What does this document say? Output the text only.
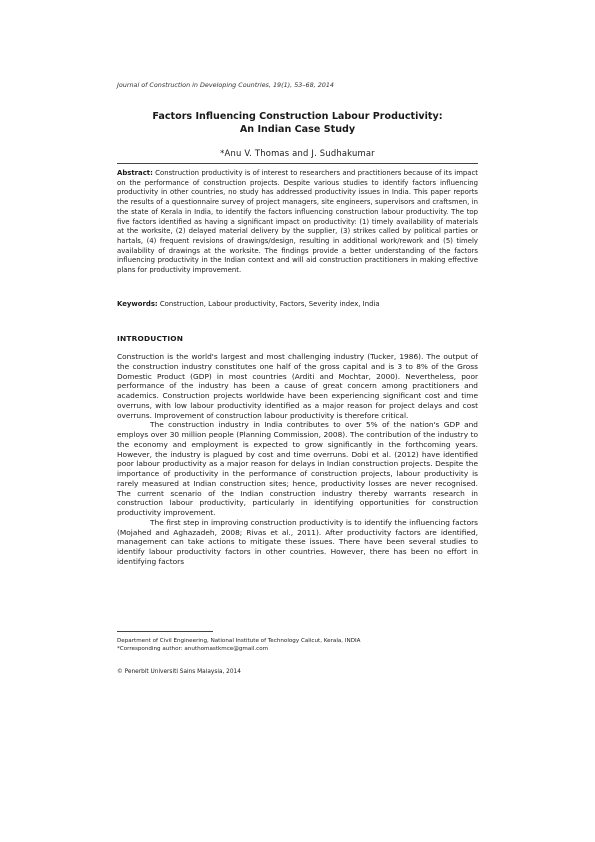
Journal of Construction in Developing Countries, 19(1), 53–68, 2014
Factors Influencing Construction Labour Productivity:
An Indian Case Study
*Anu V. Thomas and J. Sudhakumar
Abstract: Construction productivity is of interest to researchers and practitioners because of its impact on the performance of construction projects. Despite various studies to identify factors influencing productivity in other countries, no study has addressed productivity issues in India. This paper reports the results of a questionnaire survey of project managers, site engineers, supervisors and craftsmen, in the state of Kerala in India, to identify the factors influencing construction labour productivity. The top five factors identified as having a significant impact on productivity: (1) timely availability of materials at the worksite, (2) delayed material delivery by the supplier, (3) strikes called by political parties or hartals, (4) frequent revisions of drawings/design, resulting in additional work/rework and (5) timely availability of drawings at the worksite. The findings provide a better understanding of the factors influencing productivity in the Indian context and will aid construction practitioners in making effective plans for productivity improvement.
Keywords: Construction, Labour productivity, Factors, Severity index, India
INTRODUCTION

Construction is the world's largest and most challenging industry (Tucker, 1986). The output of the construction industry constitutes one half of the gross capital and is 3 to 8% of the Gross Domestic Product (GDP) in most countries (Arditi and Mochtar, 2000). Nevertheless, poor performance of the industry has been a cause of great concern among practitioners and academics. Construction projects worldwide have been experiencing significant cost and time overruns, with low labour productivity identified as a major reason for project delays and cost overruns. Improvement of construction labour productivity is therefore critical.

The construction industry in India contributes to over 5% of the nation's GDP and employs over 30 million people (Planning Commission, 2008). The contribution of the industry to the economy and employment is expected to grow significantly in the forthcoming years. However, the industry is plagued by cost and time overruns. Dobi et al. (2012) have identified poor labour productivity as a major reason for delays in Indian construction projects. Despite the importance of productivity in the performance of construction projects, labour productivity is rarely measured at Indian construction sites; hence, productivity losses are never recognised. The current scenario of the Indian construction industry thereby warrants research in construction labour productivity, particularly in identifying opportunities for construction productivity improvement.

The first step in improving construction productivity is to identify the influencing factors (Mojahed and Aghazadeh, 2008; Rivas et al., 2011). After productivity factors are identified, management can take actions to mitigate these issues. There have been several studies to identify labour productivity factors in other countries. However, there has been no effort in identifying factors

Department of Civil Engineering, National Institute of Technology Calicut, Kerala, INDIA
*Corresponding author: anuthomastkmce@gmail.com
© Penerbit Universiti Sains Malaysia, 2014
